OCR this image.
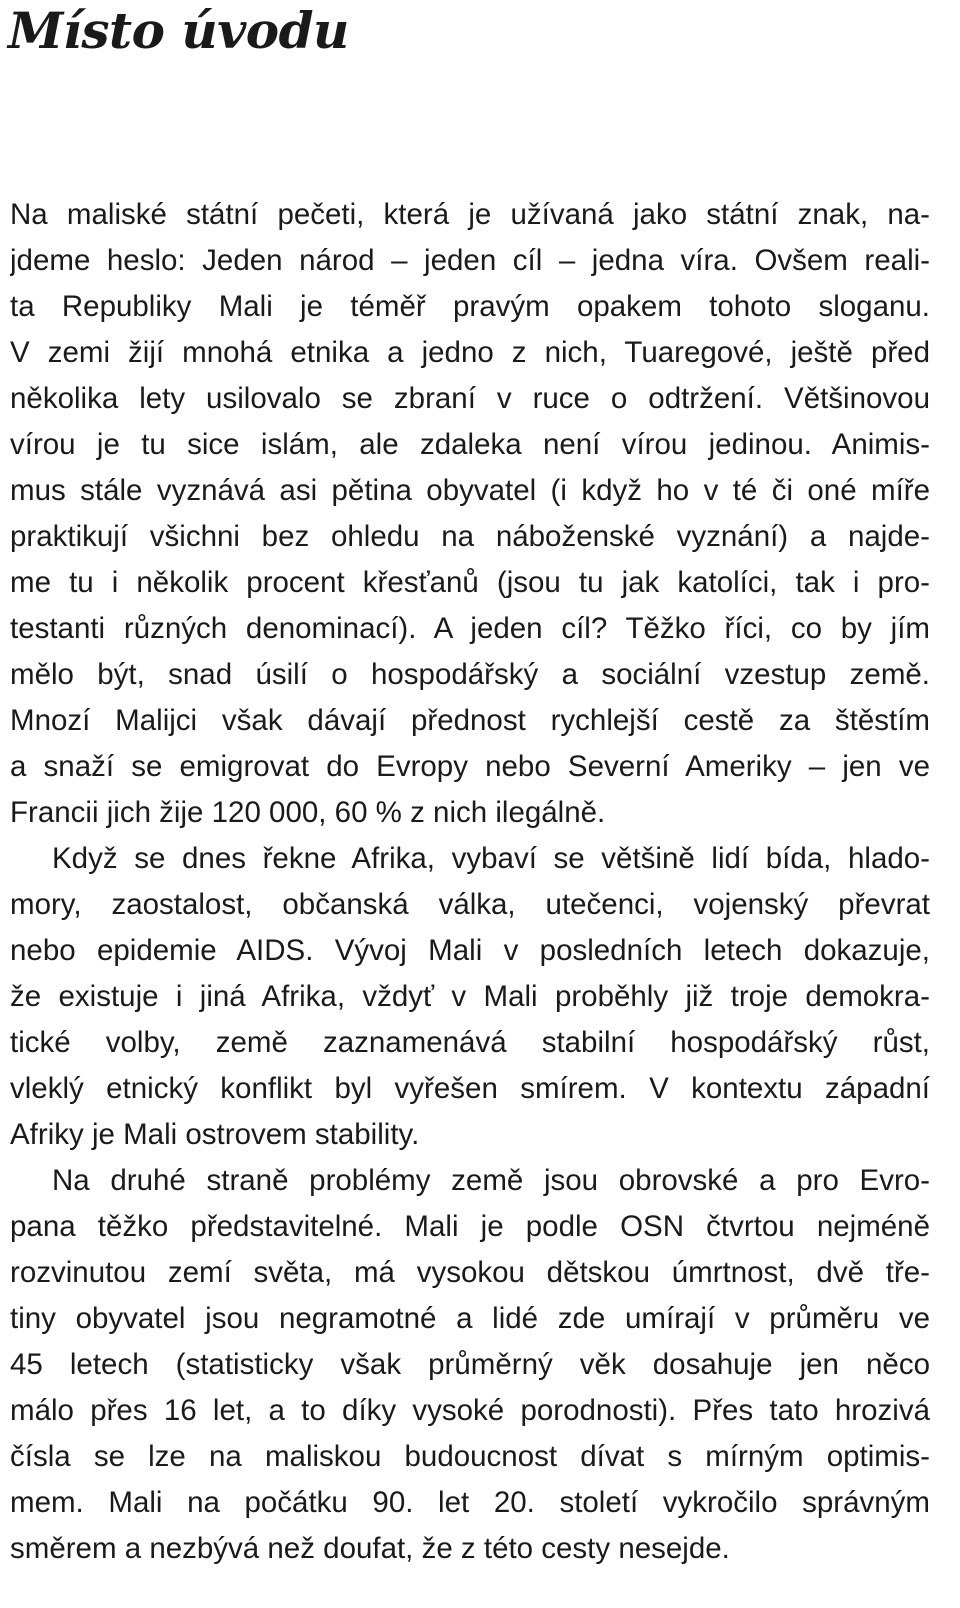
Místo úvodu
Na maliské státní pečeti, která je užívaná jako státní znak, na-
jdeme heslo: Jeden národ – jeden cíl – jedna víra. Ovšem reali-
ta Republiky Mali je téměř pravým opakem tohoto sloganu.
V zemi žijí mnohá etnika a jedno z nich, Tuaregové, ještě před
několika lety usilovalo se zbraní v ruce o odtržení. Většinovou
vírou je tu sice islám, ale zdaleka není vírou jedinou. Animis-
mus stále vyznává asi pětina obyvatel (i když ho v té či oné míře
praktikují všichni bez ohledu na náboženské vyznání) a najde-
me tu i několik procent křesťanů (jsou tu jak katolíci, tak i pro-
testanti různých denominací). A jeden cíl? Těžko říci, co by jím
mělo být, snad úsilí o hospodářský a sociální vzestup země.
Mnozí Malijci však dávají přednost rychlejší cestě za štěstím
a snaží se emigrovat do Evropy nebo Severní Ameriky – jen ve
Francii jich žije 120 000, 60 % z nich ilegálně.
Když se dnes řekne Afrika, vybaví se většině lidí bída, hlado-
mory, zaostalost, občanská válka, utečenci, vojenský převrat
nebo epidemie AIDS. Vývoj Mali v posledních letech dokazuje,
že existuje i jiná Afrika, vždyť v Mali proběhly již troje demokra-
tické volby, země zaznamenává stabilní hospodářský růst,
vleklý etnický konflikt byl vyřešen smírem. V kontextu západní
Afriky je Mali ostrovem stability.
Na druhé straně problémy země jsou obrovské a pro Evro-
pana těžko představitelné. Mali je podle OSN čtvrtou nejméně
rozvinutou zemí světa, má vysokou dětskou úmrtnost, dvě tře-
tiny obyvatel jsou negramotné a lidé zde umírají v průměru ve
45 letech (statisticky však průměrný věk dosahuje jen něco
málo přes 16 let, a to díky vysoké porodnosti). Přes tato hrozivá
čísla se lze na maliskou budoucnost dívat s mírným optimis-
mem. Mali na počátku 90. let 20. století vykročilo správným
směrem a nezbývá než doufat, že z této cesty nesejde.
